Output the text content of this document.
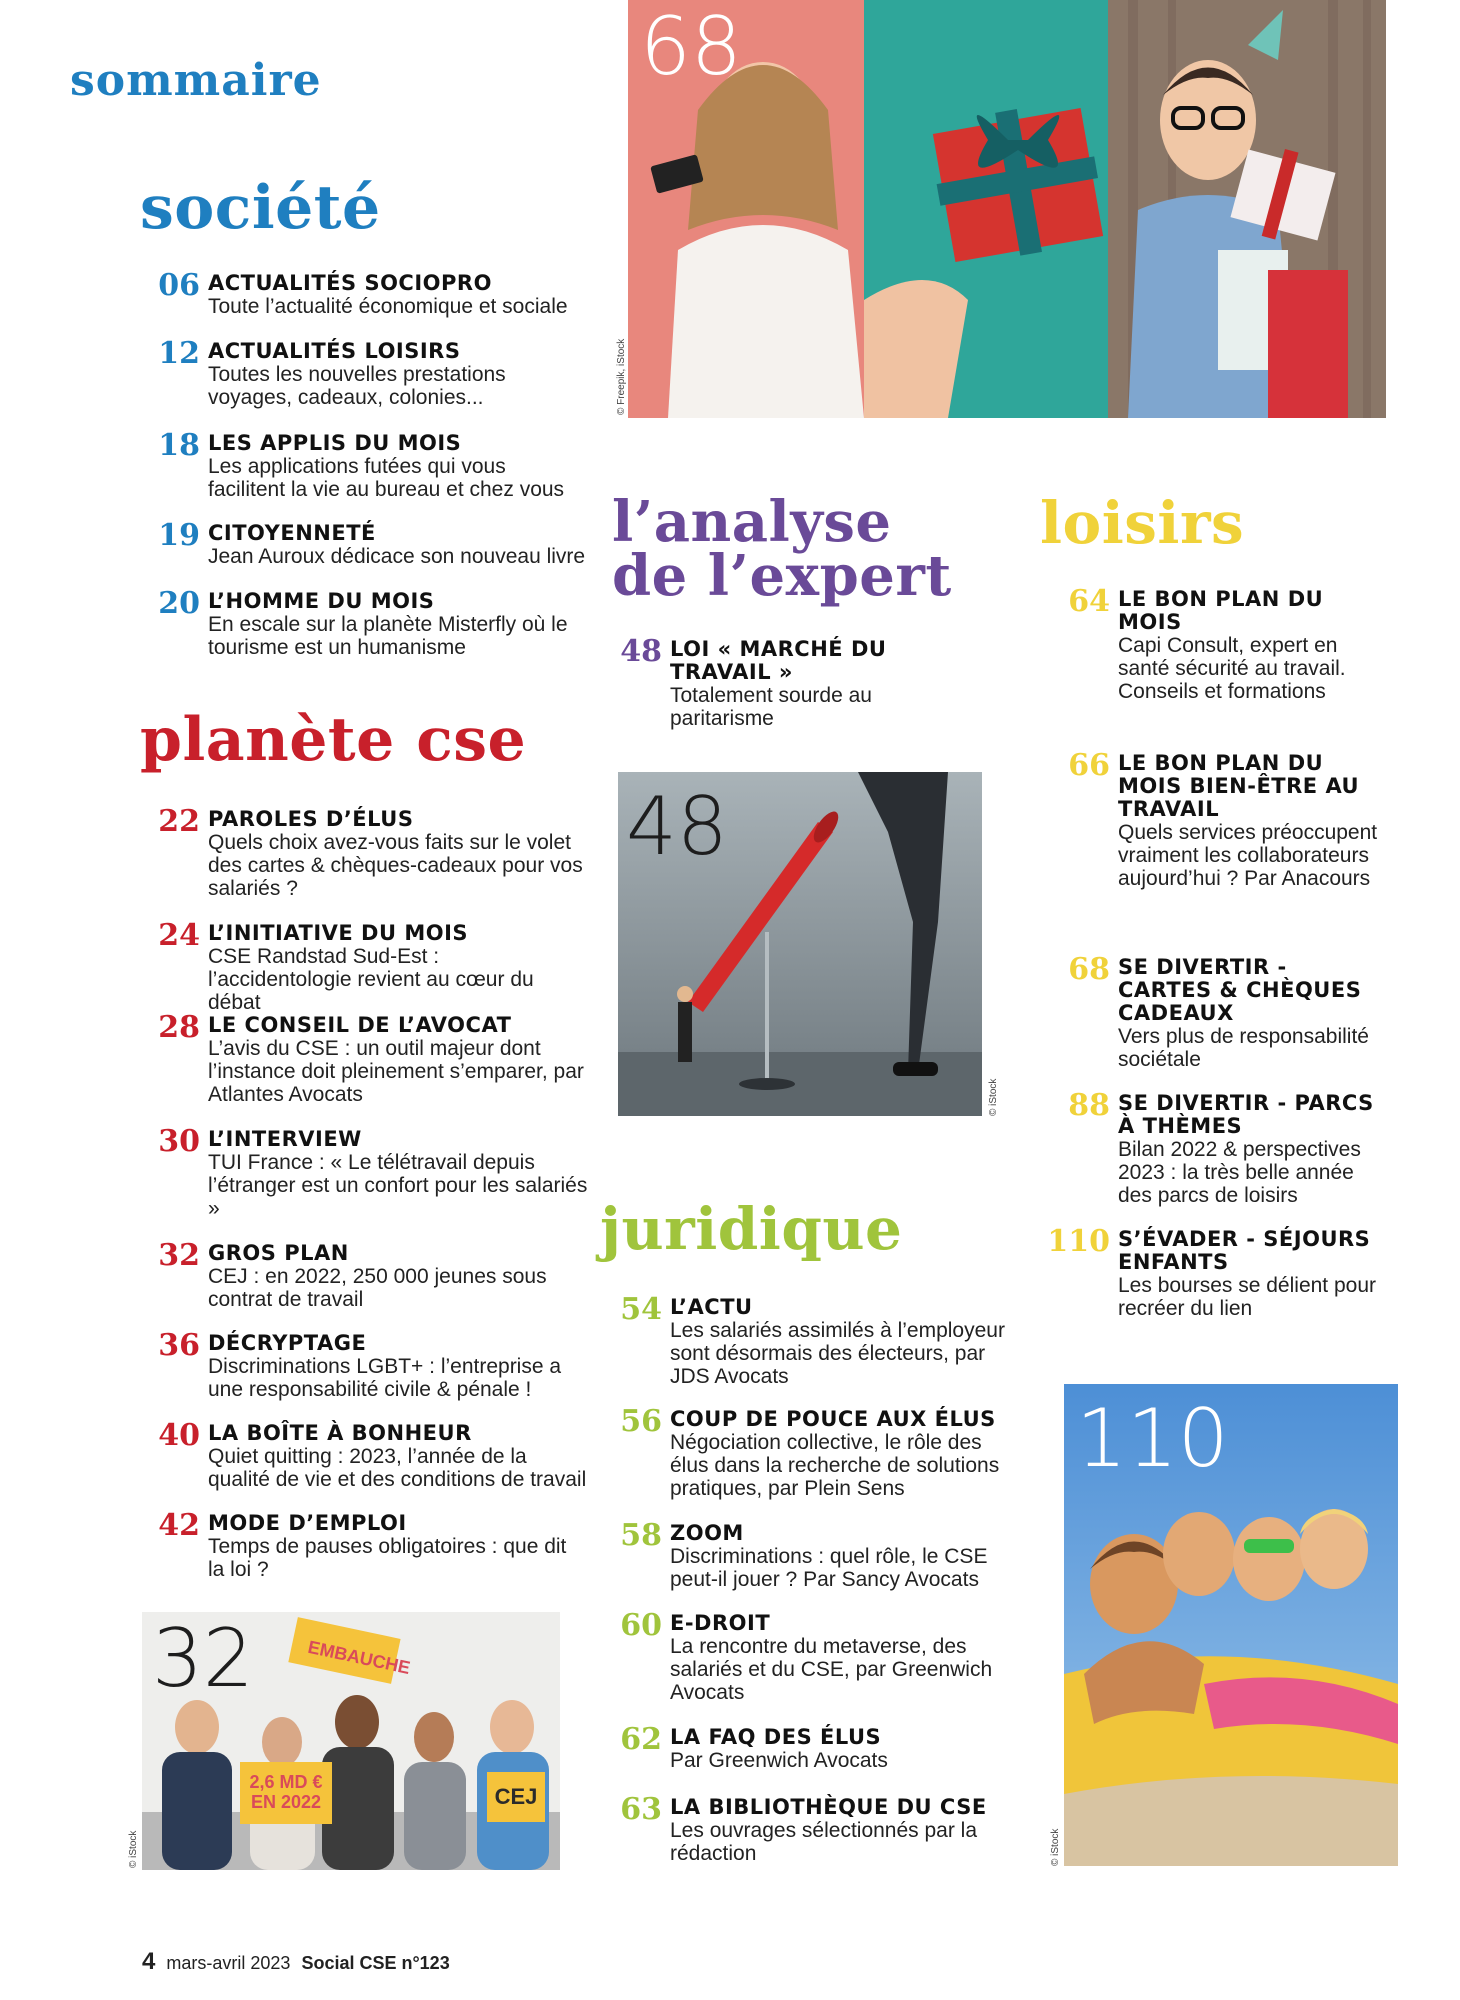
sommaire
société
06 ACTUALITÉS SOCIOPRO
Toute l’actualité économique et sociale
12 ACTUALITÉS LOISIRS
Toutes les nouvelles prestations voyages, cadeaux, colonies...
18 LES APPLIS DU MOIS
Les applications futées qui vous facilitent la vie au bureau et chez vous
19 CITOYENNETÉ
Jean Auroux dédicace son nouveau livre
20 L’HOMME DU MOIS
En escale sur la planète Misterfly où le tourisme est un humanisme
planète cse
22 PAROLES D’ÉLUS
Quels choix avez-vous faits sur le volet des cartes & chèques-cadeaux pour vos salariés ?
24 L’INITIATIVE DU MOIS
CSE Randstad Sud-Est : l’accidentologie revient au cœur du débat
28 LE CONSEIL DE L’AVOCAT
L’avis du CSE : un outil majeur dont l’instance doit pleinement s’emparer, par Atlantes Avocats
30 L’INTERVIEW
TUI France : « Le télétravail depuis l’étranger est un confort pour les salariés »
32 GROS PLAN
CEJ : en 2022, 250 000 jeunes sous contrat de travail
36 DÉCRYPTAGE
Discriminations LGBT+ : l’entreprise a une responsabilité civile & pénale !
40 LA BOÎTE À BONHEUR
Quiet quitting : 2023, l’année de la qualité de vie et des conditions de travail
42 MODE D’EMPLOI
Temps de pauses obligatoires : que dit la loi ?
l’analyse
de l’expert
48 LOI « MARCHÉ DU TRAVAIL »
Totalement sourde au paritarisme
juridique
54 L’ACTU
Les salariés assimilés à l’employeur sont désormais des électeurs, par JDS Avocats
56 COUP DE POUCE AUX ÉLUS
Négociation collective, le rôle des élus dans la recherche de solutions pratiques, par Plein Sens
58 ZOOM
Discriminations : quel rôle, le CSE peut-il jouer ? Par Sancy Avocats
60 E-DROIT
La rencontre du metaverse, des salariés et du CSE, par Greenwich Avocats
62 LA FAQ DES ÉLUS
Par Greenwich Avocats
63 LA BIBLIOTHÈQUE DU CSE
Les ouvrages sélectionnés par la rédaction
loisirs
64 LE BON PLAN DU MOIS
Capi Consult, expert en santé sécurité au travail. Conseils et formations
66 LE BON PLAN DU MOIS BIEN-ÊTRE AU TRAVAIL
Quels services préoccupent vraiment les collaborateurs aujourd’hui ? Par Anacours
68 SE DIVERTIR - CARTES & CHÈQUES CADEAUX
Vers plus de responsabilité sociétale
88 SE DIVERTIR - PARCS À THÈMES
Bilan 2022 & perspectives 2023 : la très belle année des parcs de loisirs
110 S’ÉVADER - SÉJOURS ENFANTS
Les bourses se délient pour recréer du lien
68
© Freepik, iStock
48
© iStock
32	EMBAUCHE
2,6 MD €
EN 2022	CEJ
© iStock
110
© iStock
4 mars-avril 2023 Social CSE n°123
